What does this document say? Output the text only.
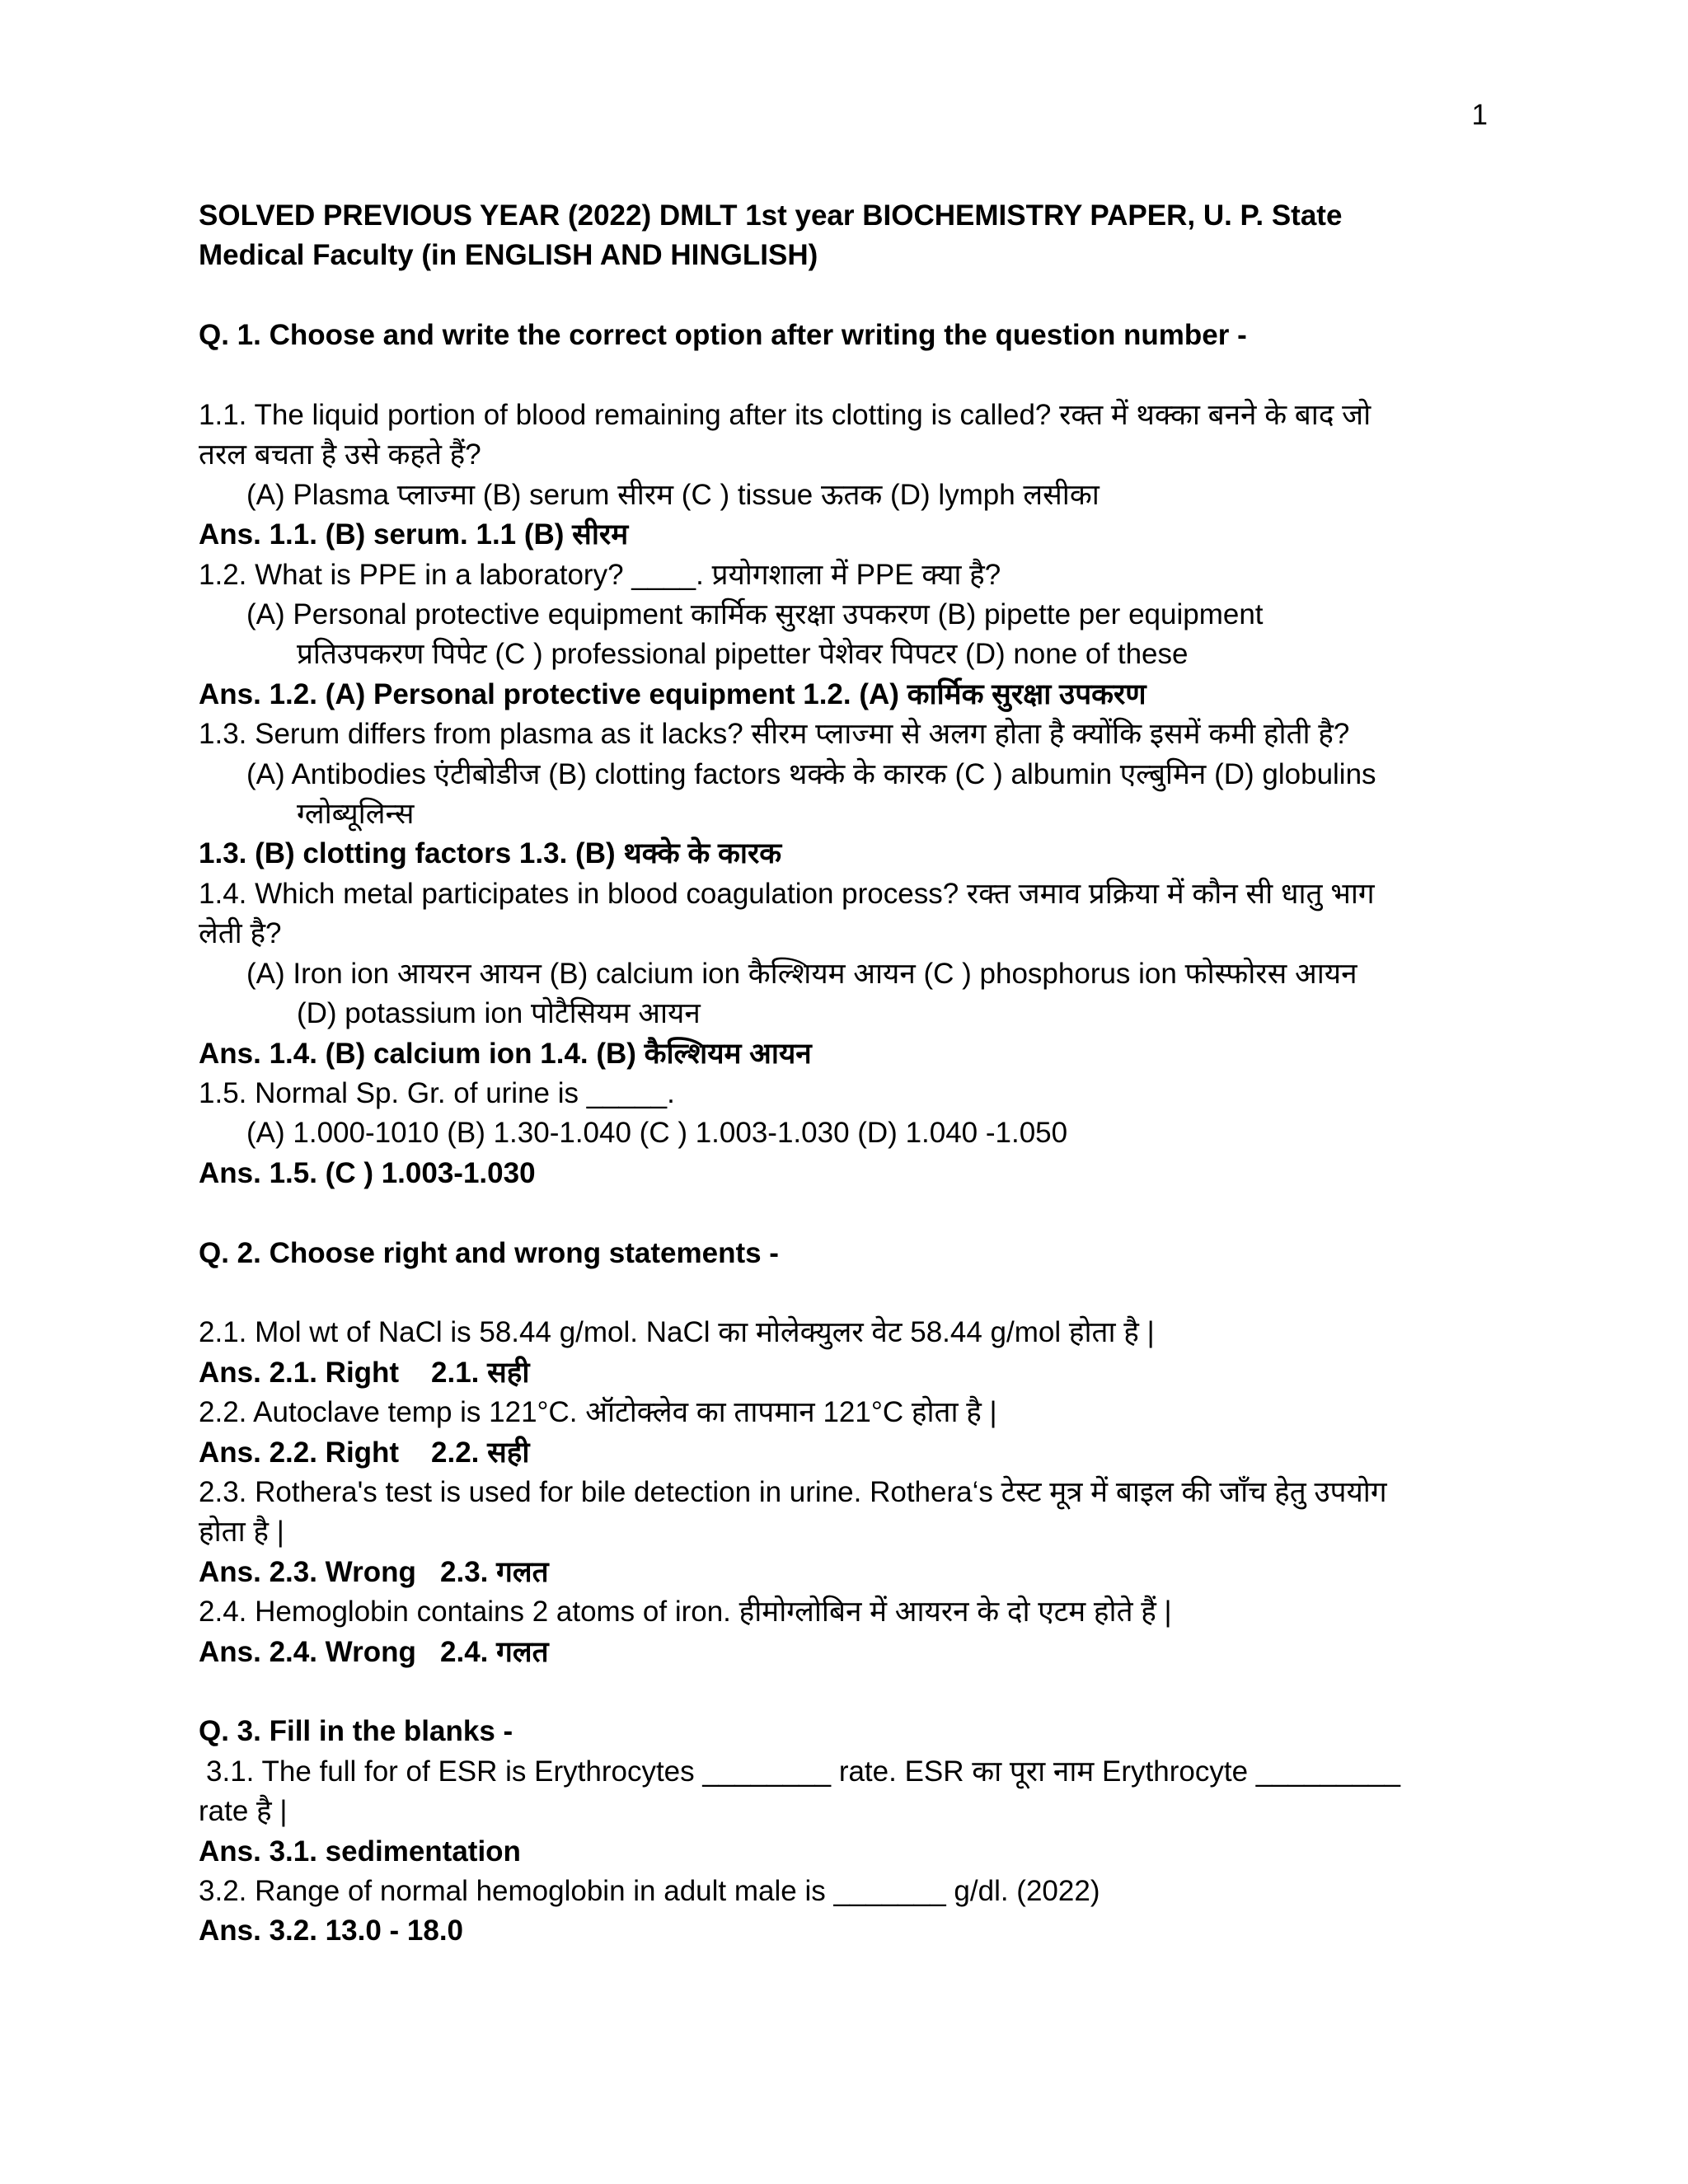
1
SOLVED PREVIOUS YEAR (2022) DMLT 1st year BIOCHEMISTRY PAPER, U. P. State
Medical Faculty (in ENGLISH AND HINGLISH)
Q. 1. Choose and write the correct option after writing the question number -
1.1. The liquid portion of blood remaining after its clotting is called? रक्त में थक्का बनने के बाद जो
तरल बचता है उसे कहते हैं?
(A) Plasma प्लाज्मा (B) serum सीरम (C ) tissue ऊतक (D) lymph लसीका
Ans. 1.1. (B) serum. 1.1 (B) सीरम
1.2. What is PPE in a laboratory? ____. प्रयोगशाला में PPE क्या है?
(A) Personal protective equipment कार्मिक सुरक्षा उपकरण (B) pipette per equipment
प्रतिउपकरण पिपेट (C ) professional pipetter पेशेवर पिपटर (D) none of these
Ans. 1.2. (A) Personal protective equipment 1.2. (A) कार्मिक सुरक्षा उपकरण
1.3. Serum differs from plasma as it lacks? सीरम प्लाज्मा से अलग होता है क्योंकि इसमें कमी होती है?
(A) Antibodies एंटीबोडीज (B) clotting factors थक्के के कारक (C ) albumin एल्बुमिन (D) globulins
ग्लोब्यूलिन्स
1.3. (B) clotting factors 1.3. (B) थक्के के कारक
1.4. Which metal participates in blood coagulation process? रक्त जमाव प्रक्रिया में कौन सी धातु भाग
लेती है?
(A) Iron ion आयरन आयन (B) calcium ion कैल्शियम आयन (C ) phosphorus ion फोस्फोरस आयन
(D) potassium ion पोटैसियम आयन
Ans. 1.4. (B) calcium ion 1.4. (B) कैल्शियम आयन
1.5. Normal Sp. Gr. of urine is _____.
(A) 1.000-1010 (B) 1.30-1.040 (C ) 1.003-1.030 (D) 1.040 -1.050
Ans. 1.5. (C ) 1.003-1.030
Q. 2. Choose right and wrong statements -
2.1. Mol wt of NaCl is 58.44 g/mol. NaCl का मोलेक्युलर वेट 58.44 g/mol होता है |
Ans. 2.1. Right 2.1. सही
2.2. Autoclave temp is 121°C. ऑटोक्लेव का तापमान 121°C होता है |
Ans. 2.2. Right 2.2. सही
2.3. Rothera's test is used for bile detection in urine. Rothera‘s टेस्ट मूत्र में बाइल की जाँच हेतु उपयोग
होता है |
Ans. 2.3. Wrong 2.3. गलत
2.4. Hemoglobin contains 2 atoms of iron. हीमोग्लोबिन में आयरन के दो एटम होते हैं |
Ans. 2.4. Wrong 2.4. गलत
Q. 3. Fill in the blanks -
3.1. The full for of ESR is Erythrocytes ________ rate. ESR का पूरा नाम Erythrocyte _________
rate है |
Ans. 3.1. sedimentation
3.2. Range of normal hemoglobin in adult male is _______ g/dl. (2022)
Ans. 3.2. 13.0 - 18.0
